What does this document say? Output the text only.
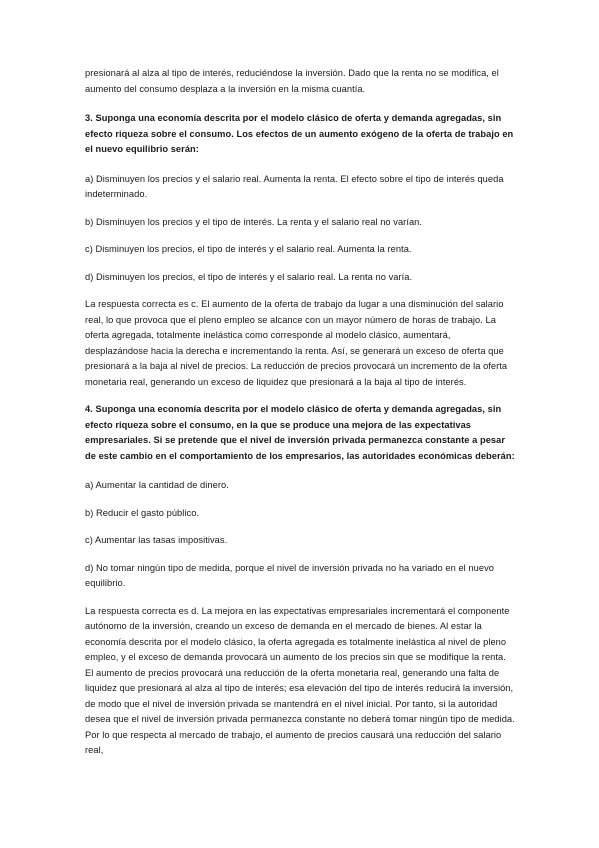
presionará al alza al tipo de interés, reduciéndose la inversión. Dado que la renta no se modifica, el aumento del consumo desplaza a la inversión en la misma cuantía.

3. Suponga una economía descrita por el modelo clásico de oferta y demanda agregadas, sin efecto riqueza sobre el consumo. Los efectos de un aumento exógeno de la oferta de trabajo en el nuevo equilibrio serán:

a) Disminuyen los precios y el salario real. Aumenta la renta. El efecto sobre el tipo de interés queda indeterminado.

b) Disminuyen los precios y el tipo de interés. La renta y el salario real no varían.

c) Disminuyen los precios, el tipo de interés y el salario real. Aumenta la renta.

d) Disminuyen los precios, el tipo de interés y el salario real. La renta no varía.

La respuesta correcta es c. El aumento de la oferta de trabajo da lugar a una disminución del salario real, lo que provoca que el pleno empleo se alcance con un mayor número de horas de trabajo. La oferta agregada, totalmente inelástica como corresponde al modelo clásico, aumentará, desplazándose hacia la derecha e incrementando la renta. Así, se generará un exceso de oferta que presionará a la baja al nivel de precios. La reducción de precios provocará un incremento de la oferta monetaria real, generando un exceso de liquidez que presionará a la baja al tipo de interés.

4. Suponga una economía descrita por el modelo clásico de oferta y demanda agregadas, sin efecto riqueza sobre el consumo, en la que se produce una mejora de las expectativas empresariales. Si se pretende que el nivel de inversión privada permanezca constante a pesar de este cambio en el comportamiento de los empresarios, las autoridades económicas deberán:

a) Aumentar la cantidad de dinero.

b) Reducir el gasto público.

c) Aumentar las tasas impositivas.

d) No tomar ningún tipo de medida, porque el nivel de inversión privada no ha variado en el nuevo equilibrio.

La respuesta correcta es d. La mejora en las expectativas empresariales incrementará el componente autónomo de la inversión, creando un exceso de demanda en el mercado de bienes. Al estar la economía descrita por el modelo clásico, la oferta agregada es totalmente inelástica al nivel de pleno empleo, y el exceso de demanda provocará un aumento de los precios sin que se modifique la renta. El aumento de precios provocará una reducción de la oferta monetaria real, generando una falta de liquidez que presionará al alza al tipo de interés; esa elevación del tipo de interés reducirá la inversión, de modo que el nivel de inversión privada se mantendrá en el nivel inicial. Por tanto, si la autoridad desea que el nivel de inversión privada permanezca constante no deberá tomar ningún tipo de medida. Por lo que respecta al mercado de trabajo, el aumento de precios causará una reducción del salario real,
